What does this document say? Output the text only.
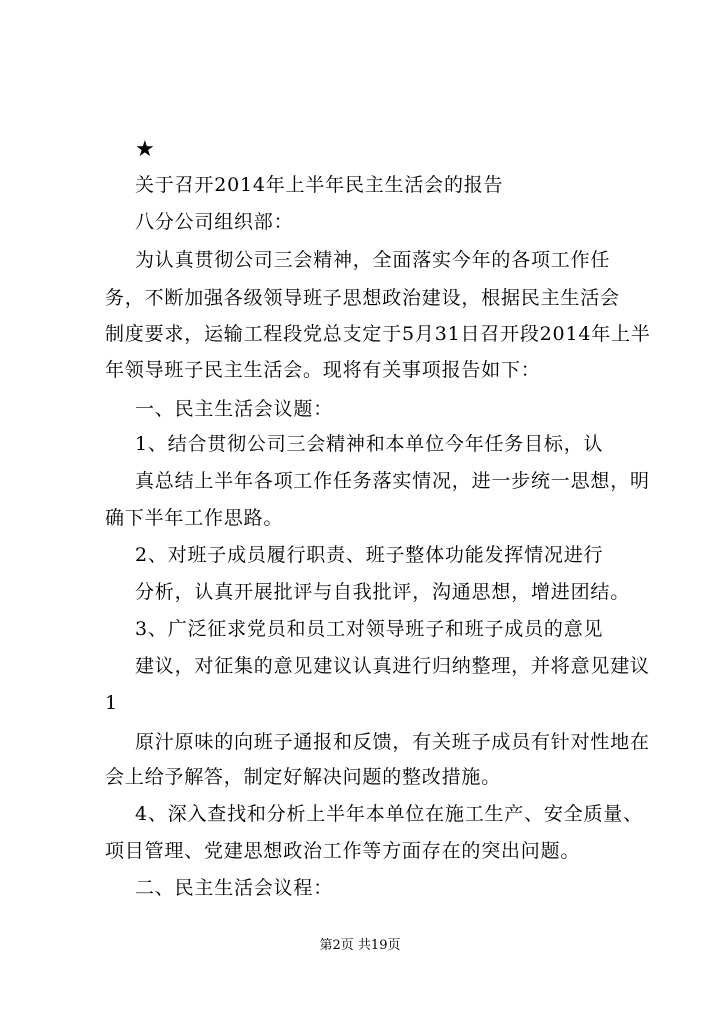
★
关于召开2014年上半年民主生活会的报告
八分公司组织部：
为认真贯彻公司三会精神，全面落实今年的各项工作任
务，不断加强各级领导班子思想政治建设，根据民主生活会
制度要求，运输工程段党总支定于5月31日召开段2014年上半
年领导班子民主生活会。现将有关事项报告如下：
一、民主生活会议题：
1、结合贯彻公司三会精神和本单位今年任务目标，认
真总结上半年各项工作任务落实情况，进一步统一思想，明
确下半年工作思路。
2、对班子成员履行职责、班子整体功能发挥情况进行
分析，认真开展批评与自我批评，沟通思想，增进团结。
3、广泛征求党员和员工对领导班子和班子成员的意见
建议，对征集的意见建议认真进行归纳整理，并将意见建议
1
原汁原味的向班子通报和反馈，有关班子成员有针对性地在
会上给予解答，制定好解决问题的整改措施。
4、深入查找和分析上半年本单位在施工生产、安全质量、
项目管理、党建思想政治工作等方面存在的突出问题。
二、民主生活会议程：
第2页 共19页
